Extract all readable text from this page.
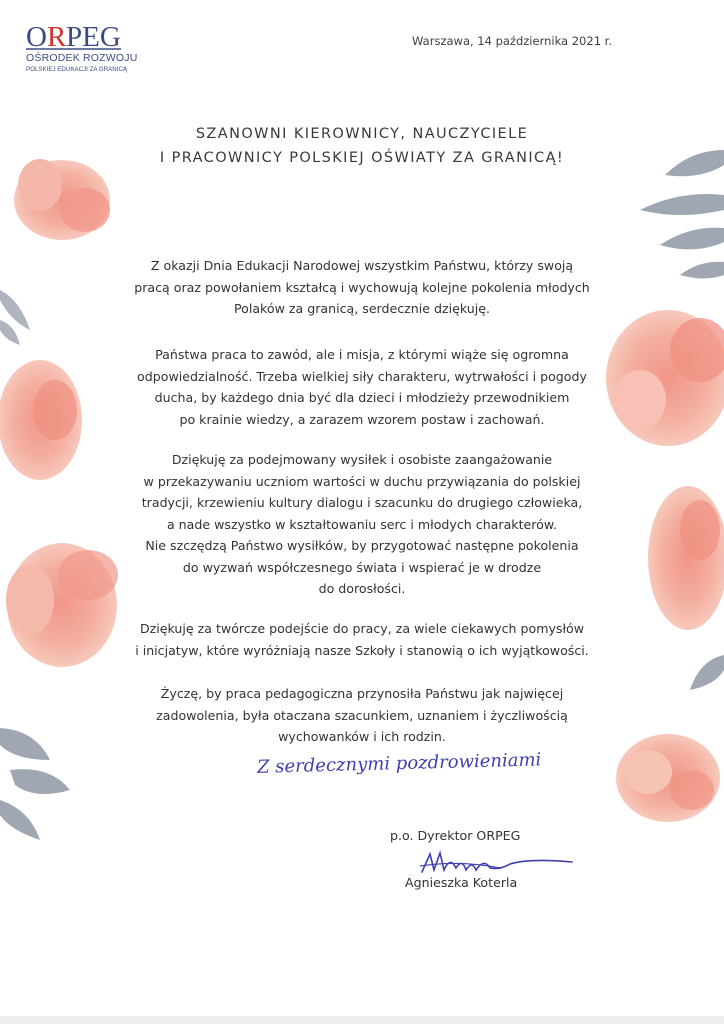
O R PEG
OŚRODEK ROZWOJU
POLSKIEJ EDUKACJI ZA GRANICĄ
Warszawa, 14 października 2021 r.
SZANOWNI KIEROWNICY, NAUCZYCIELE
I PRACOWNICY POLSKIEJ OŚWIATY ZA GRANICĄ!
Z okazji Dnia Edukacji Narodowej wszystkim Państwu, którzy swoją
pracą oraz powołaniem kształcą i wychowują kolejne pokolenia młodych
Polaków za granicą, serdecznie dziękuję.
Państwa praca to zawód, ale i misja, z którymi wiąże się ogromna
odpowiedzialność. Trzeba wielkiej siły charakteru, wytrwałości i pogody
ducha, by każdego dnia być dla dzieci i młodzieży przewodnikiem
po krainie wiedzy, a zarazem wzorem postaw i zachowań.
Dziękuję za podejmowany wysiłek i osobiste zaangażowanie
w przekazywaniu uczniom wartości w duchu przywiązania do polskiej
tradycji, krzewieniu kultury dialogu i szacunku do drugiego człowieka,
a nade wszystko w kształtowaniu serc i młodych charakterów.
Nie szczędzą Państwo wysiłków, by przygotować następne pokolenia
do wyzwań współczesnego świata i wspierać je w drodze
do dorosłości.
Dziękuję za twórcze podejście do pracy, za wiele ciekawych pomysłów
i inicjatyw, które wyróżniają nasze Szkoły i stanowią o ich wyjątkowości.
Życzę, by praca pedagogiczna przynosiła Państwu jak najwięcej
zadowolenia, była otaczana szacunkiem, uznaniem i życzliwością
wychowanków i ich rodzin.
Z serdecznymi pozdrowieniami
p.o. Dyrektor ORPEG
Agnieszka Koterla
